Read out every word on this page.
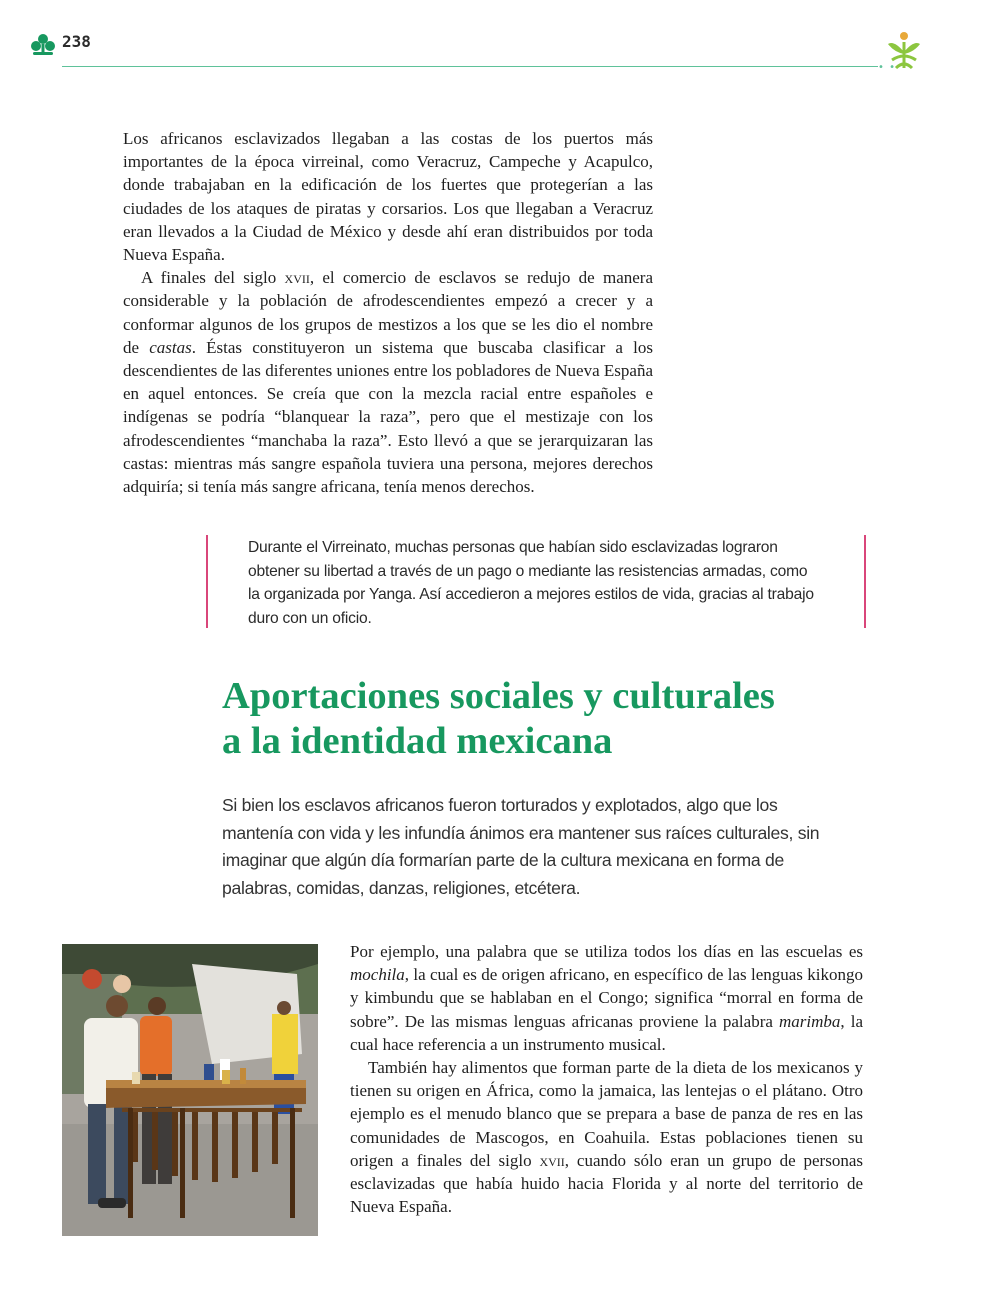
238
• •

Los africanos esclavizados llegaban a las costas de los puertos más importantes de la época virreinal, como Veracruz, Campeche y Acapulco, donde trabajaban en la edificación de los fuertes que protegerían a las ciudades de los ataques de piratas y corsarios. Los que llegaban a Veracruz eran llevados a la Ciudad de México y desde ahí eran distribuidos por toda Nueva España.

A finales del siglo xvii, el comercio de esclavos se redujo de manera considerable y la población de afrodescendientes empezó a crecer y a conformar algunos de los grupos de mestizos a los que se les dio el nombre de castas. Éstas constituyeron un sistema que buscaba clasificar a los descendientes de las diferentes uniones entre los pobladores de Nueva España en aquel entonces. Se creía que con la mezcla racial entre españoles e indígenas se podría “blanquear la raza”, pero que el mestizaje con los afrodescendientes “manchaba la raza”. Esto llevó a que se jerarquizaran las castas: mientras más sangre española tuviera una persona, mejores derechos adquiría; si tenía más sangre africana, tenía menos derechos.

Durante el Virreinato, muchas personas que habían sido esclavizadas lograron obtener su libertad a través de un pago o mediante las resistencias armadas, como la organizada por Yanga. Así accedieron a mejores estilos de vida, gracias al trabajo duro con un oficio.

Aportaciones sociales y culturales
a la identidad mexicana

Si bien los esclavos africanos fueron torturados y explotados, algo que los mantenía con vida y les infundía ánimos era mantener sus raíces culturales, sin imaginar que algún día formarían parte de la cultura mexicana en forma de palabras, comidas, danzas, religiones, etcétera.

Por ejemplo, una palabra que se utiliza todos los días en las escuelas es mochila, la cual es de origen africano, en específico de las lenguas kikongo y kimbundu que se hablaban en el Congo; significa “morral en forma de sobre”. De las mismas lenguas africanas proviene la palabra marimba, la cual hace referencia a un instrumento musical.

También hay alimentos que forman parte de la dieta de los mexicanos y tienen su origen en África, como la jamaica, las lentejas o el plátano. Otro ejemplo es el menudo blanco que se prepara a base de panza de res en las comunidades de Mascogos, en Coahuila. Estas poblaciones tienen su origen a finales del siglo xvii, cuando sólo eran un grupo de personas esclavizadas que había huido hacia Florida y al norte del territorio de Nueva España.
